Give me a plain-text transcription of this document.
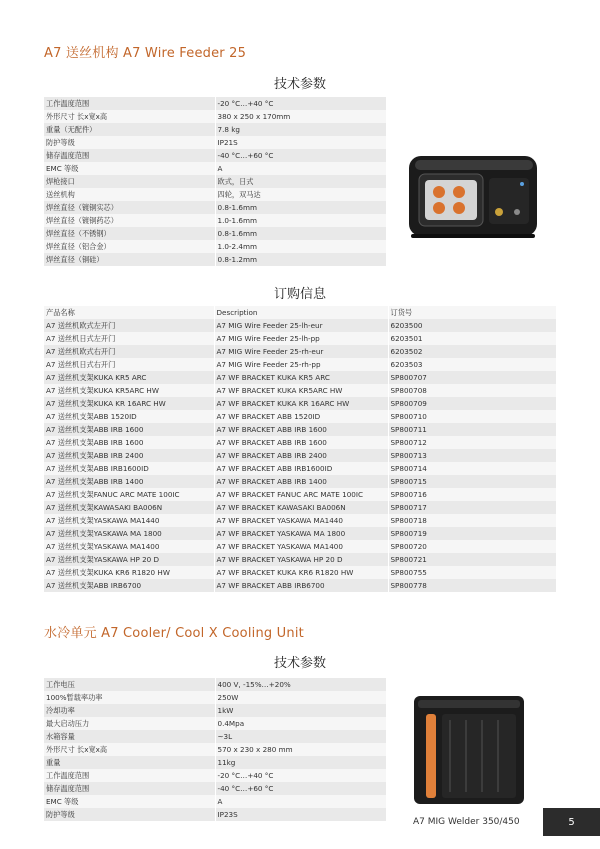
A7 送丝机构 A7 Wire Feeder 25
技术参数
工作温度范围	-20 °C…+40 °C
外形尺寸 长x宽x高	380 x 250 x 170mm
重量（无配件）	7.8 kg
防护等级	IP21S
储存温度范围	-40 °C…+60 °C
EMC 等级	A
焊枪接口	欧式，日式
送丝机构	四轮，双马达
焊丝直径（镀铜实芯）	0.8-1.6mm
焊丝直径（镀铜药芯）	1.0-1.6mm
焊丝直径（不锈钢）	0.8-1.6mm
焊丝直径（铝合金）	1.0-2.4mm
焊丝直径（铜硅）	0.8-1.2mm
订购信息
产品名称	Description	订货号
A7 送丝机欧式左开门	A7 MIG Wire Feeder 25-lh-eur	6203500
A7 送丝机日式左开门	A7 MIG Wire Feeder 25-lh-pp	6203501
A7 送丝机欧式右开门	A7 MIG Wire Feeder 25-rh-eur	6203502
A7 送丝机日式右开门	A7 MIG Wire Feeder 25-rh-pp	6203503
A7 送丝机支架KUKA KR5 ARC	A7 WF BRACKET KUKA KR5 ARC	SP800707
A7 送丝机支架KUKA KR5ARC HW	A7 WF BRACKET KUKA KR5ARC HW	SP800708
A7 送丝机支架KUKA KR 16ARC HW	A7 WF BRACKET KUKA KR 16ARC HW	SP800709
A7 送丝机支架ABB 1520ID	A7 WF BRACKET ABB 1520ID	SP800710
A7 送丝机支架ABB IRB 1600	A7 WF BRACKET ABB IRB 1600	SP800711
A7 送丝机支架ABB IRB 1600	A7 WF BRACKET ABB IRB 1600	SP800712
A7 送丝机支架ABB IRB 2400	A7 WF BRACKET ABB IRB 2400	SP800713
A7 送丝机支架ABB IRB1600ID	A7 WF BRACKET ABB IRB1600ID	SP800714
A7 送丝机支架ABB IRB 1400	A7 WF BRACKET ABB IRB 1400	SP800715
A7 送丝机支架FANUC ARC MATE 100IC	A7 WF BRACKET FANUC ARC MATE 100IC	SP800716
A7 送丝机支架KAWASAKI BA006N	A7 WF BRACKET KAWASAKI BA006N	SP800717
A7 送丝机支架YASKAWA MA1440	A7 WF BRACKET YASKAWA MA1440	SP800718
A7 送丝机支架YASKAWA MA 1800	A7 WF BRACKET YASKAWA MA 1800	SP800719
A7 送丝机支架YASKAWA MA1400	A7 WF BRACKET YASKAWA MA1400	SP800720
A7 送丝机支架YASKAWA HP 20 D	A7 WF BRACKET YASKAWA HP 20 D	SP800721
A7 送丝机支架KUKA KR6 R1820 HW	A7 WF BRACKET KUKA KR6 R1820 HW	SP800755
A7 送丝机支架ABB IRB6700	A7 WF BRACKET ABB IRB6700	SP800778
水冷单元 A7 Cooler/ Cool X Cooling Unit
技术参数
工作电压	400 V, -15%…+20%
100%暂载率功率	250W
冷却功率	1kW
最大启动压力	0.4Mpa
水箱容量	~3L
外形尺寸 长x宽x高	570 x 230 x 280 mm
重量	11kg
工作温度范围	-20 °C…+40 °C
储存温度范围	-40 °C…+60 °C
EMC 等级	A
防护等级	IP23S
A7 MIG Welder 350/450	5
